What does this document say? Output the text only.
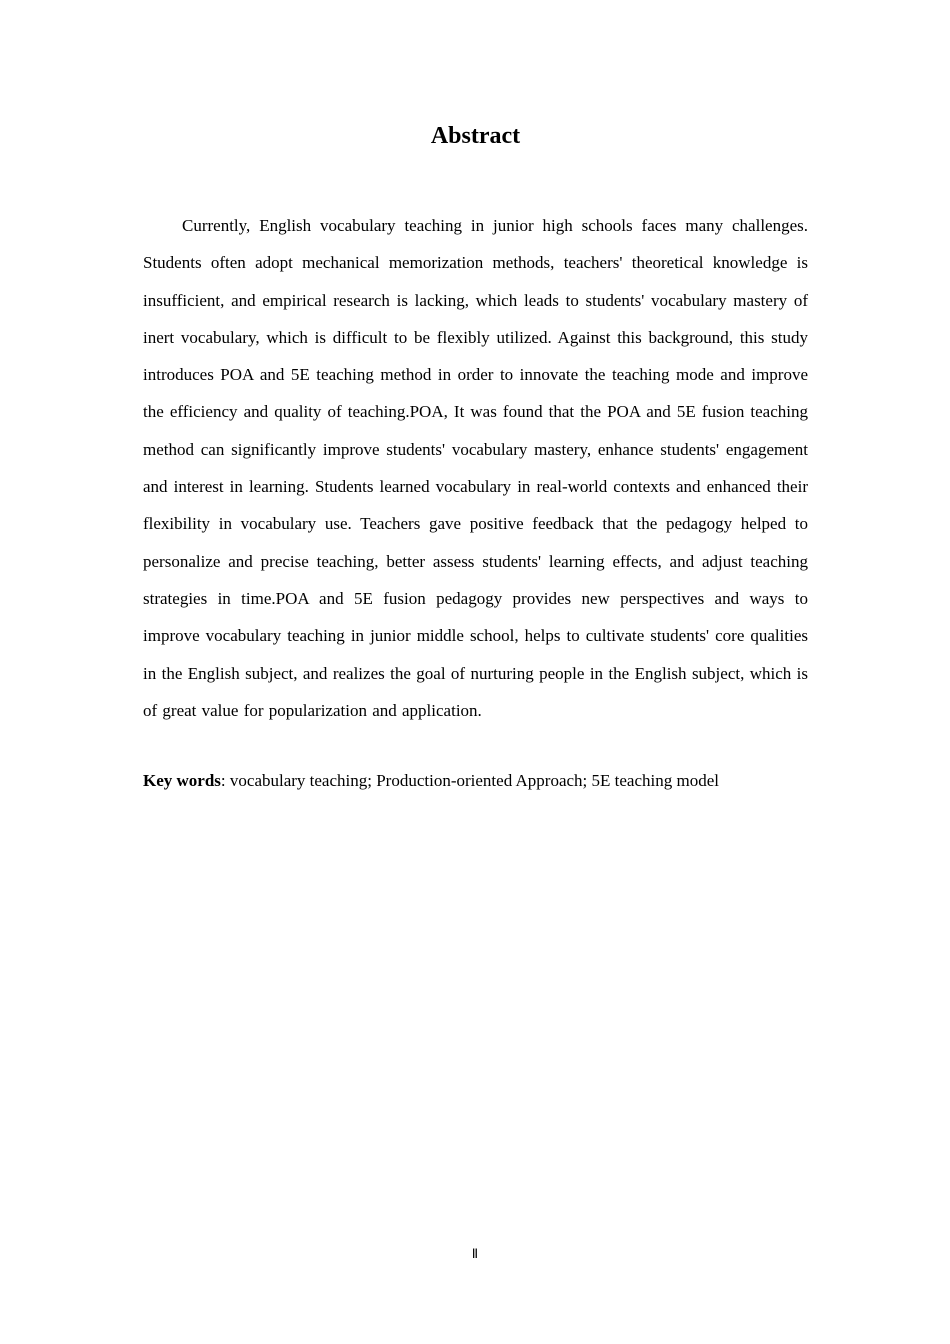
Abstract

Currently, English vocabulary teaching in junior high schools faces many challenges. Students often adopt mechanical memorization methods, teachers' theoretical knowledge is insufficient, and empirical research is lacking, which leads to students' vocabulary mastery of inert vocabulary, which is difficult to be flexibly utilized. Against this background, this study introduces POA and 5E teaching method in order to innovate the teaching mode and improve the efficiency and quality of teaching.POA, It was found that the POA and 5E fusion teaching method can significantly improve students' vocabulary mastery, enhance students' engagement and interest in learning. Students learned vocabulary in real-world contexts and enhanced their flexibility in vocabulary use. Teachers gave positive feedback that the pedagogy helped to personalize and precise teaching, better assess students' learning effects, and adjust teaching strategies in time.POA and 5E fusion pedagogy provides new perspectives and ways to improve vocabulary teaching in junior middle school, helps to cultivate students' core qualities in the English subject, and realizes the goal of nurturing people in the English subject, which is of great value for popularization and application.

Key words: vocabulary teaching; Production-oriented Approach; 5E teaching model

Ⅱ
